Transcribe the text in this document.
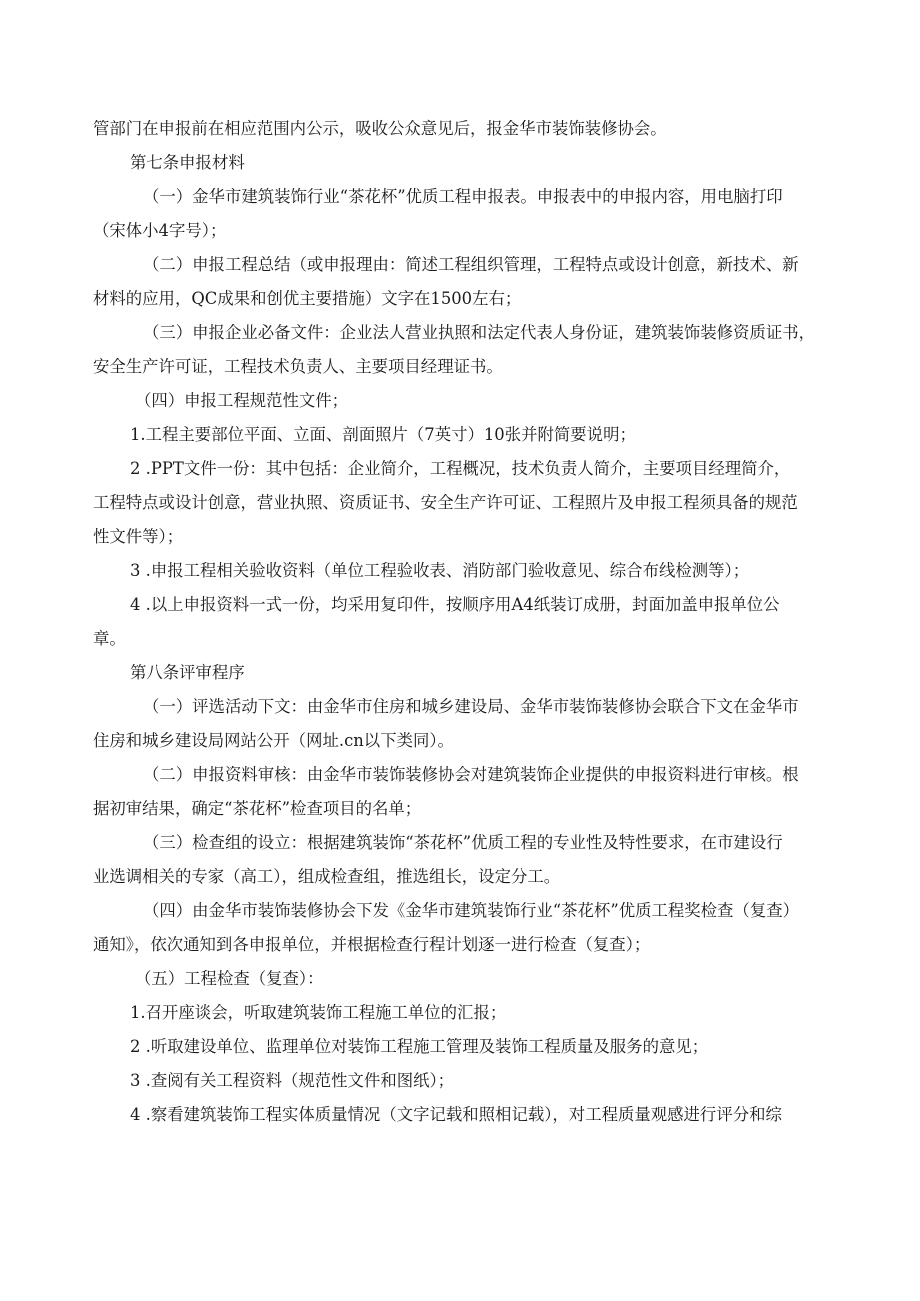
管部门在申报前在相应范围内公示，吸收公众意见后，报金华市装饰装修协会。
第七条申报材料
（一）金华市建筑装饰行业“茶花杯”优质工程申报表。申报表中的申报内容，用电脑打印
（宋体小4字号）；
（二）申报工程总结（或申报理由：简述工程组织管理，工程特点或设计创意，新技术、新
材料的应用，QC成果和创优主要措施）文字在1500左右；
（三）申报企业必备文件：企业法人营业执照和法定代表人身份证，建筑装饰装修资质证书，
安全生产许可证，工程技术负责人、主要项目经理证书。
（四）申报工程规范性文件；
1.工程主要部位平面、立面、剖面照片（7英寸）10张并附简要说明；
2 .PPT文件一份：其中包括：企业简介，工程概况，技术负责人简介，主要项目经理简介，
工程特点或设计创意，营业执照、资质证书、安全生产许可证、工程照片及申报工程须具备的规范
性文件等）；
3 .申报工程相关验收资料（单位工程验收表、消防部门验收意见、综合布线检测等）；
4 .以上申报资料一式一份，均采用复印件，按顺序用A4纸装订成册，封面加盖申报单位公
章。
第八条评审程序
（一）评选活动下文：由金华市住房和城乡建设局、金华市装饰装修协会联合下文在金华市
住房和城乡建设局网站公开（网址.cn以下类同）。
（二）申报资料审核：由金华市装饰装修协会对建筑装饰企业提供的申报资料进行审核。根
据初审结果，确定“茶花杯”检查项目的名单；
（三）检查组的设立：根据建筑装饰“茶花杯”优质工程的专业性及特性要求，在市建设行
业选调相关的专家（高工），组成检查组，推选组长，设定分工。
（四）由金华市装饰装修协会下发《金华市建筑装饰行业“茶花杯”优质工程奖检查（复查）
通知》，依次通知到各申报单位，并根据检查行程计划逐一进行检查（复查）；
（五）工程检查（复查）：
1.召开座谈会，听取建筑装饰工程施工单位的汇报；
2 .听取建设单位、监理单位对装饰工程施工管理及装饰工程质量及服务的意见；
3 .查阅有关工程资料（规范性文件和图纸）；
4 .察看建筑装饰工程实体质量情况（文字记载和照相记载），对工程质量观感进行评分和综
